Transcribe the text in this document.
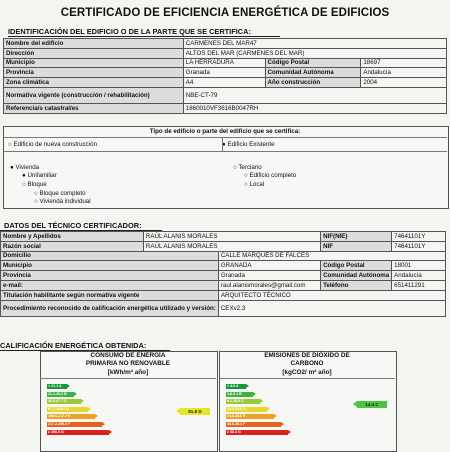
CERTIFICADO DE EFICIENCIA ENERGÉTICA DE EDIFICIOS
IDENTIFICACIÓN DEL EDIFICIO O DE LA PARTE QUE SE CERTIFICA:
Nombre del edificio	CARMENES DEL MAR47		
Dirección	ALTOS DEL MAR (CARMENES DEL MAR)		
Municipio	LA HERRADURA	Código Postal	18697
Provincia	Granada	Comunidad Autónoma	Andalucía
Zona climática	A4	Año construcción	2004
Normativa vigente (construcción / rehabilitación)	NBE-CT-79		
Referencia/s catastral/es	1860010VF3616B0047RH		
Tipo de edificio o parte del edificio que se certifica:
○ Edificio de nueva construcción	● Edificio Existente
● Vivienda
● Unifamiliar
○ Bloque
○ Bloque completo
○ Vivienda individual
○ Terciario
○ Edificio completo
○ Local
DATOS DEL TÉCNICO CERTIFICADOR:
Nombre y Apellidos	RAÚL ALANIS MORALES		NIF(NIE)	74641101Y
Razón social	RAÚL ALANIS MORALES		NIF	74641101Y
Domicilio		CALLE MARQUES DE FALCES		
Municipio		GRANADA	Código Postal	18001
Provincia		Granada	Comunidad Autónoma	Andalucía
e-mail:		raul.alanismorales@gmail.com	Teléfono	651411291
Titulación habilitante según normativa vigente		ARQUITECTO TÉCNICO		
Procedimiento reconocido de calificación energética utilizado y versión:		CEXv2.3		
CALIFICACIÓN ENERGÉTICA OBTENIDA:
CONSUMO DE ENERGÍA
PRIMARIA NO RENOVABLE
[kWh/m² año]
< 21.1 A
21.1-40.2 B
40.2-67.7 C
67.7-108.6 D
108.6-217.2 E
217.2-250.5 F
≥ 250.5 G
81.8 D
EMISIONES DE DIÓXIDO DE
CARBONO
[kgCO2/ m² año]
< 4.8 A
4.8-9.1 B
9.1-15.5 C
15.5-24.6 D
24.6-48.6 E
48.6-58.4 F
≥ 58.4 G
14.4 C
